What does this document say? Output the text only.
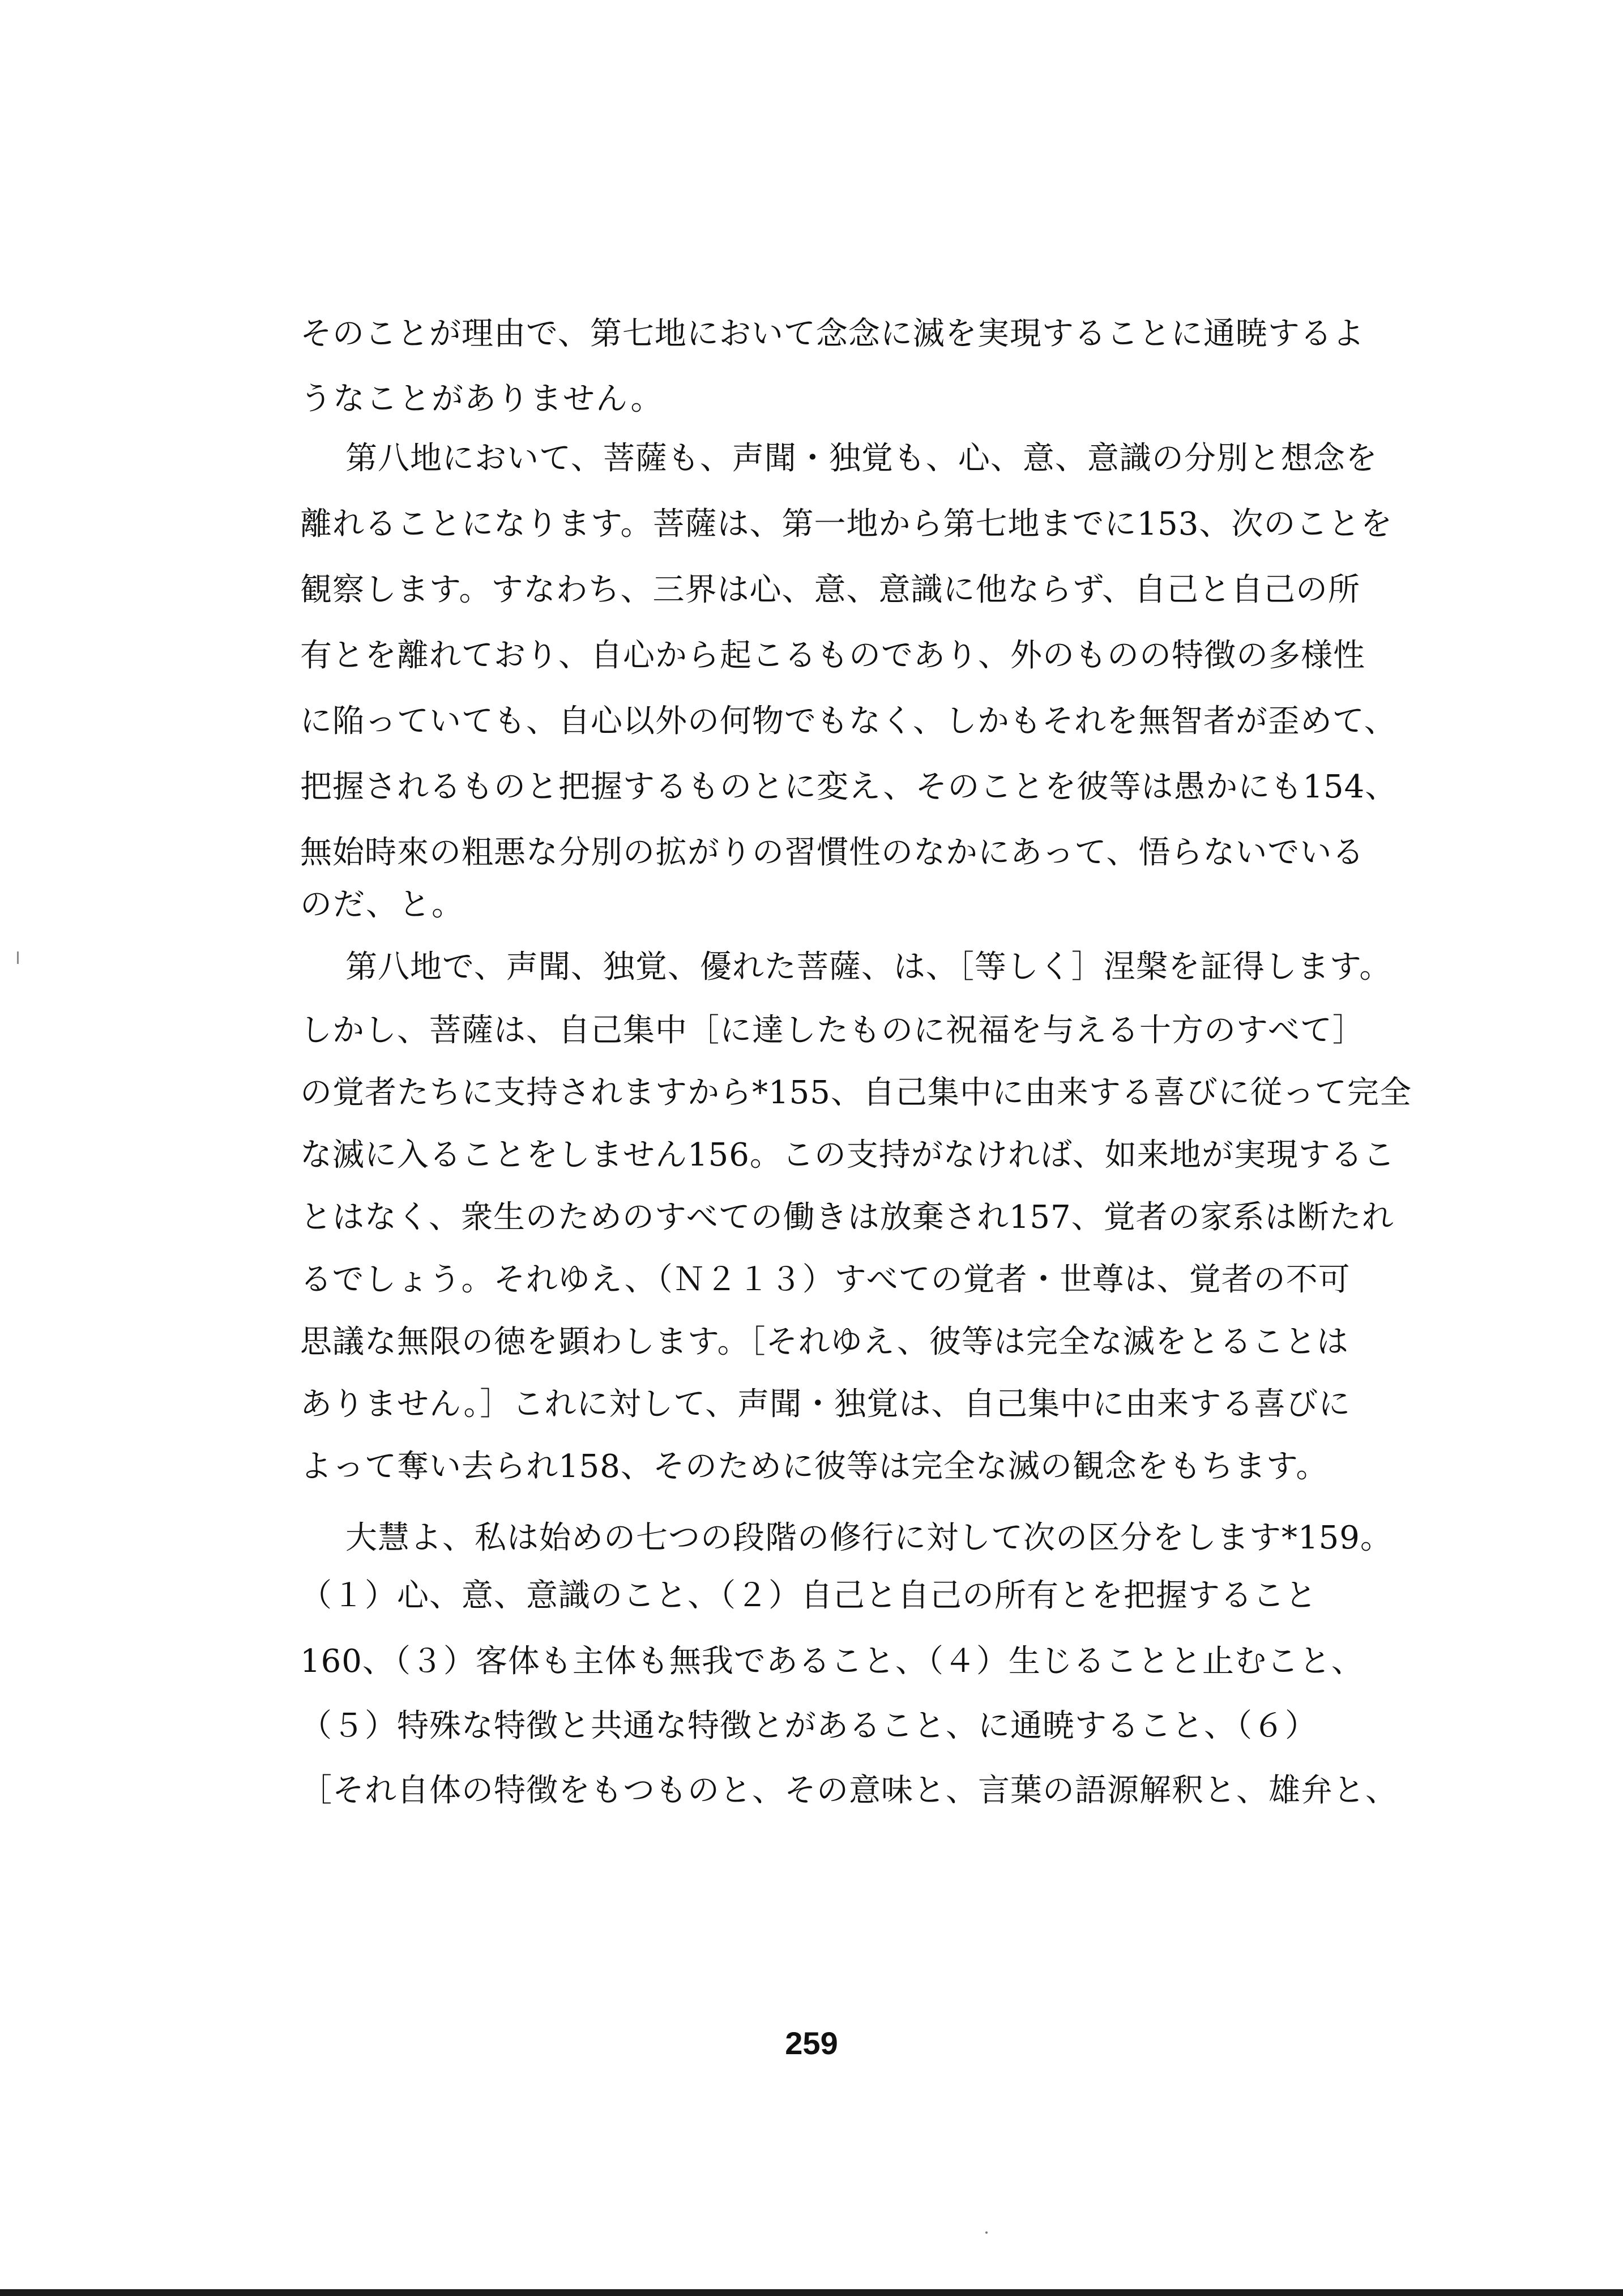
そのことが理由で、第七地において念念に滅を実現することに通暁するよ
うなことがありません。
第八地において、菩薩も、声聞・独覚も、心、意、意識の分別と想念を
離れることになります。菩薩は、第一地から第七地までに153、次のことを
観察します。すなわち、三界は心、意、意識に他ならず、自己と自己の所
有とを離れており、自心から起こるものであり、外のものの特徴の多様性
に陥っていても、自心以外の何物でもなく、しかもそれを無智者が歪めて、
把握されるものと把握するものとに変え、そのことを彼等は愚かにも154、
無始時來の粗悪な分別の拡がりの習慣性のなかにあって、悟らないでいる
のだ、と。
第八地で、声聞、独覚、優れた菩薩、は、［等しく］涅槃を証得します。
しかし、菩薩は、自己集中［に達したものに祝福を与える十方のすべて］
の覚者たちに支持されますから*155、自己集中に由来する喜びに従って完全
な滅に入ることをしません156。この支持がなければ、如来地が実現するこ
とはなく、衆生のためのすべての働きは放棄され157、覚者の家系は断たれ
るでしょう。それゆえ、（Ｎ２１３）すべての覚者・世尊は、覚者の不可
思議な無限の徳を顕わします。［それゆえ、彼等は完全な滅をとることは
ありません。］これに対して、声聞・独覚は、自己集中に由来する喜びに
よって奪い去られ158、そのために彼等は完全な滅の観念をもちます。
大慧よ、私は始めの七つの段階の修行に対して次の区分をします*159。
（１）心、意、意識のこと、（２）自己と自己の所有とを把握すること
160、（３）客体も主体も無我であること、（４）生じることと止むこと、
（５）特殊な特徴と共通な特徴とがあること、に通暁すること、（６）
［それ自体の特徴をもつものと、その意味と、言葉の語源解釈と、雄弁と、
259
